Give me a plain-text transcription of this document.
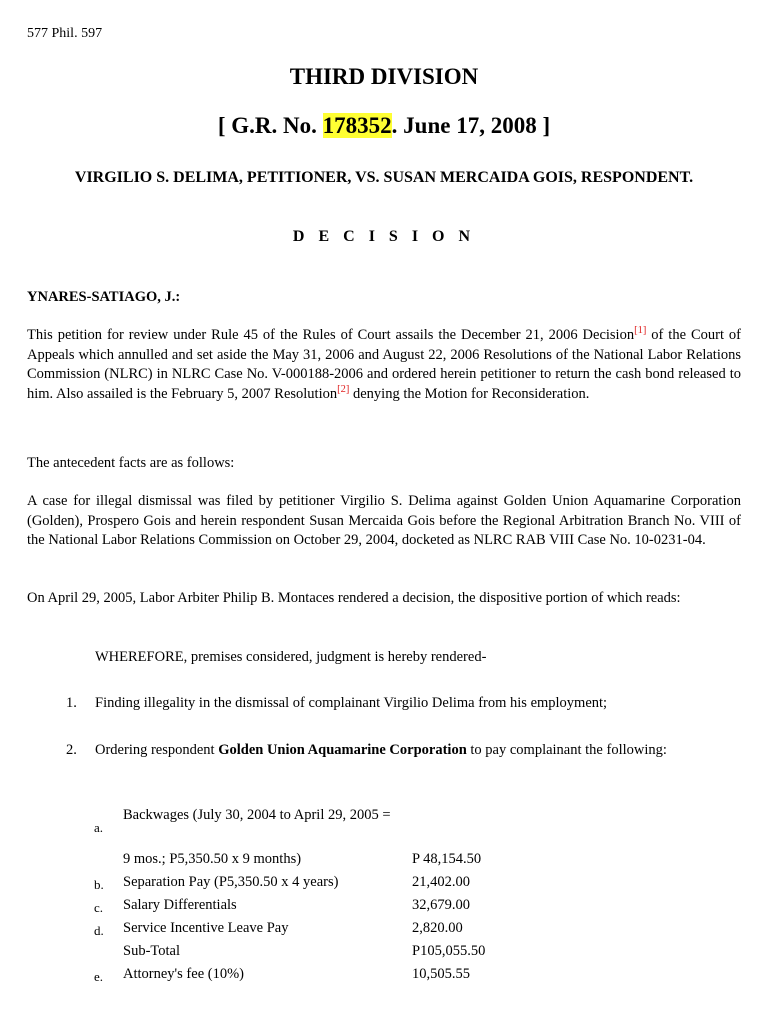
577 Phil. 597
THIRD DIVISION
[ G.R. No. 178352. June 17, 2008 ]
VIRGILIO S. DELIMA, PETITIONER, VS. SUSAN MERCAIDA GOIS, RESPONDENT.
D E C I S I O N
YNARES-SATIAGO, J.:

This petition for review under Rule 45 of the Rules of Court assails the December 21, 2006 Decision[1] of the Court of Appeals which annulled and set aside the May 31, 2006 and August 22, 2006 Resolutions of the National Labor Relations Commission (NLRC) in NLRC Case No. V-000188-2006 and ordered herein petitioner to return the cash bond released to him. Also assailed is the February 5, 2007 Resolution[2] denying the Motion for Reconsideration.

The antecedent facts are as follows:

A case for illegal dismissal was filed by petitioner Virgilio S. Delima against Golden Union Aquamarine Corporation (Golden), Prospero Gois and herein respondent Susan Mercaida Gois before the Regional Arbitration Branch No. VIII of the National Labor Relations Commission on October 29, 2004, docketed as NLRC RAB VIII Case No. 10-0231-04.

On April 29, 2005, Labor Arbiter Philip B. Montaces rendered a decision, the dispositive portion of which reads:

WHEREFORE, premises considered, judgment is hereby rendered-
1. Finding illegality in the dismissal of complainant Virgilio Delima from his employment;
2. Ordering respondent Golden Union Aquamarine Corporation to pay complainant the following:
a.
Backwages (July 30, 2004 to April 29, 2005 =
9 mos.; P5,350.50 x 9 months)	P 48,154.50
b. Separation Pay (P5,350.50 x 4 years)	21,402.00
c. Salary Differentials	32,679.00
d. Service Incentive Leave Pay	2,820.00
Sub-Total	P105,055.50
e. Attorney's fee (10%)	10,505.55
